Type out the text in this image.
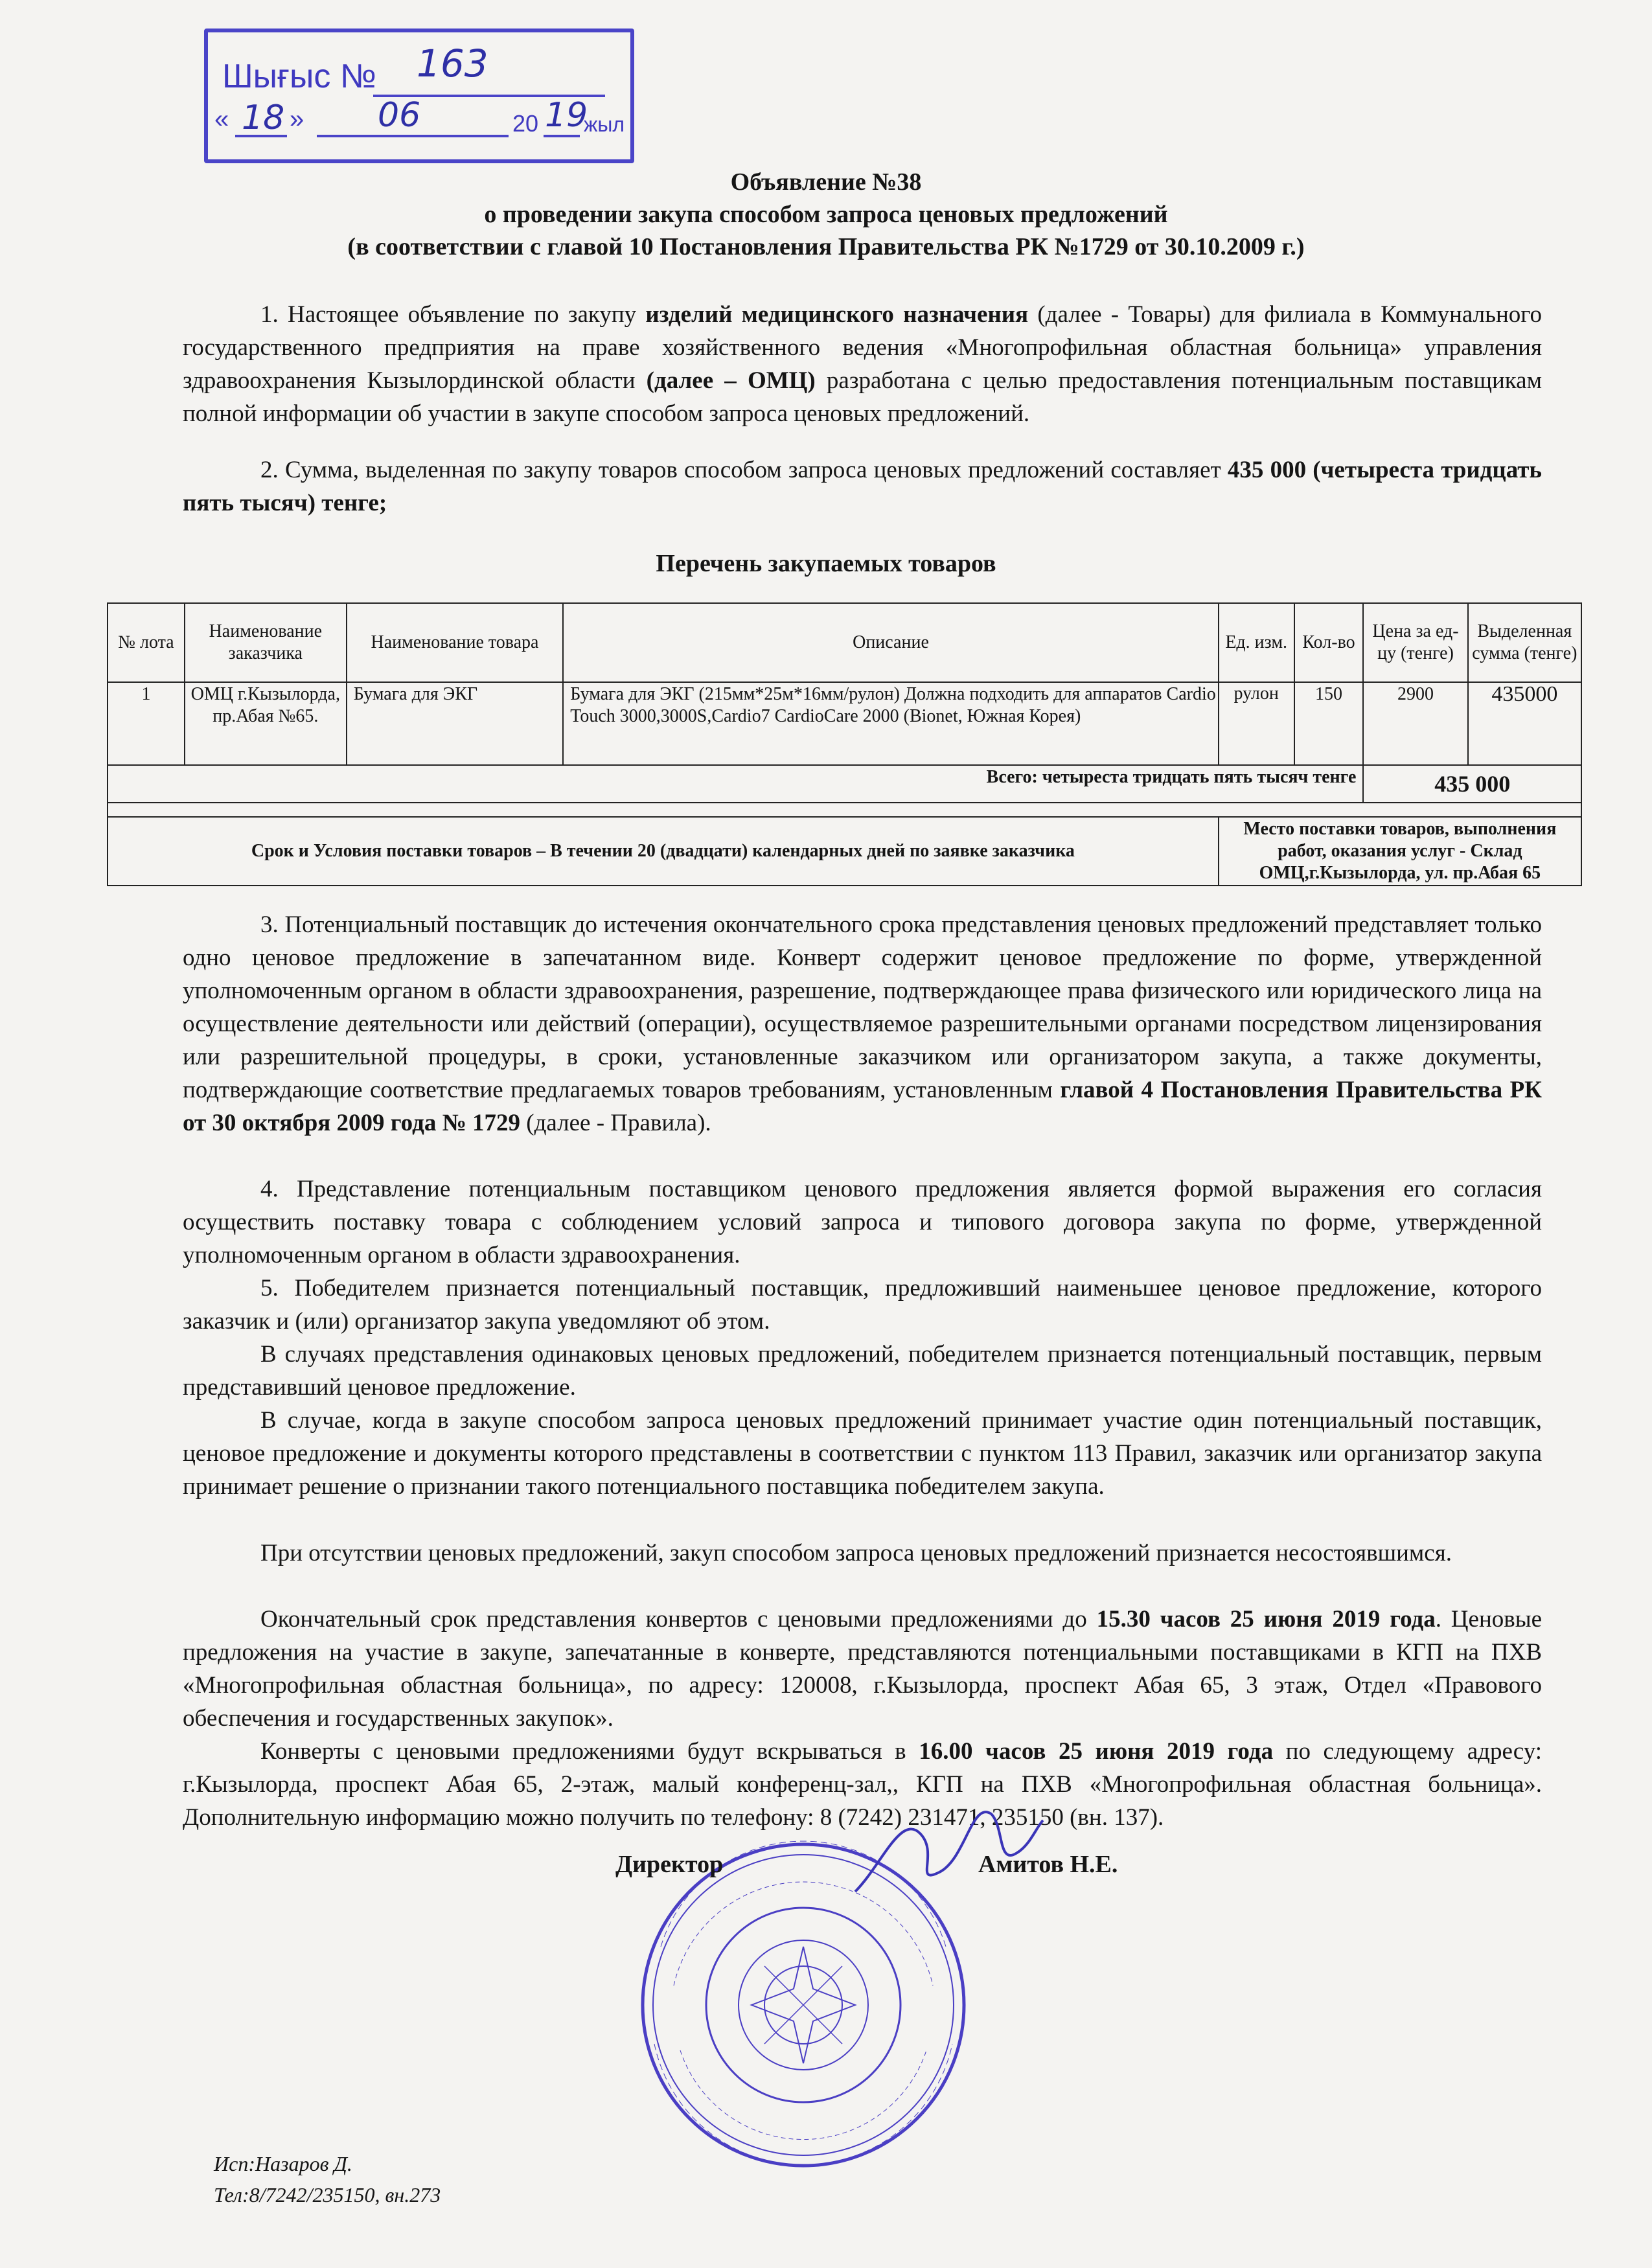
Шығыс № 163
« 18 » 06	20 19
жыл
Объявление №38
о проведении закупа способом запроса ценовых предложений
(в соответствии с главой 10 Постановления Правительства РК №1729 от 30.10.2009 г.)
1. Настоящее объявление по закупу изделий медицинского назначения (далее - Товары) для филиала в Коммунального государственного предприятия на праве хозяйственного ведения «Многопрофильная областная больница» управления здравоохранения Кызылординской области (далее – ОМЦ) разработана с целью предоставления потенциальным поставщикам полной информации об участии в закупе способом запроса ценовых предложений.
2. Сумма, выделенная по закупу товаров способом запроса ценовых предложений составляет 435 000 (четыреста тридцать пять тысяч) тенге;
Перечень закупаемых товаров
№ лота	Наименование заказчика	Наименование товара	Описание	Ед. изм.	Кол-во	Цена за ед-цу (тенге)	Выделенная сумма (тенге)
1	ОМЦ г.Кызылорда, пр.Абая №65.	Бумага для ЭКГ	Бумага для ЭКГ (215мм*25м*16мм/рулон) Должна подходить для аппаратов Cardiо Touch 3000,3000S,Cardio7 CardioCare 2000 (Bionet, Южная Корея)	рулон	150	2900	435000
Всего: четыреста тридцать пять тысяч тенге						435 000	

Срок и Условия поставки товаров – В течении 20 (двадцати) календарных дней по заявке заказчика				Место поставки товаров, выполнения работ, оказания услуг - Склад ОМЦ,г.Кызылорда, ул. пр.Абая 65			
3. Потенциальный поставщик до истечения окончательного срока представления ценовых предложений представляет только одно ценовое предложение в запечатанном виде. Конверт содержит ценовое предложение по форме, утвержденной уполномоченным органом в области здравоохранения, разрешение, подтверждающее права физического или юридического лица на осуществление деятельности или действий (операции), осуществляемое разрешительными органами посредством лицензирования или разрешительной процедуры, в сроки, установленные заказчиком или организатором закупа, а также документы, подтверждающие соответствие предлагаемых товаров требованиям, установленным главой 4 Постановления Правительства РК от 30 октября 2009 года № 1729 (далее - Правила).
4. Представление потенциальным поставщиком ценового предложения является формой выражения его согласия осуществить поставку товара с соблюдением условий запроса и типового договора закупа по форме, утвержденной уполномоченным органом в области здравоохранения.
5. Победителем признается потенциальный поставщик, предложивший наименьшее ценовое предложение, которого заказчик и (или) организатор закупа уведомляют об этом.
В случаях представления одинаковых ценовых предложений, победителем признается потенциальный поставщик, первым представивший ценовое предложение.
В случае, когда в закупе способом запроса ценовых предложений принимает участие один потенциальный поставщик, ценовое предложение и документы которого представлены в соответствии с пунктом 113 Правил, заказчик или организатор закупа принимает решение о признании такого потенциального поставщика победителем закупа.
При отсутствии ценовых предложений, закуп способом запроса ценовых предложений признается несостоявшимся.
Окончательный срок представления конвертов с ценовыми предложениями до 15.30 часов 25 июня 2019 года. Ценовые предложения на участие в закупе, запечатанные в конверте, представляются потенциальными поставщиками в КГП на ПХВ «Многопрофильная областная больница», по адресу: 120008, г.Кызылорда, проспект Абая 65, 3 этаж, Отдел «Правового обеспечения и государственных закупок».
Конверты с ценовыми предложениями будут вскрываться в 16.00 часов 25 июня 2019 года по следующему адресу: г.Кызылорда, проспект Абая 65, 2-этаж, малый конференц-зал,, КГП на ПХВ «Многопрофильная областная больница». Дополнительную информацию можно получить по телефону: 8 (7242) 231471, 235150 (вн. 137).
Директор	Амитов Н.Е.
Исп:Назаров Д.
Тел:8/7242/235150, вн.273
